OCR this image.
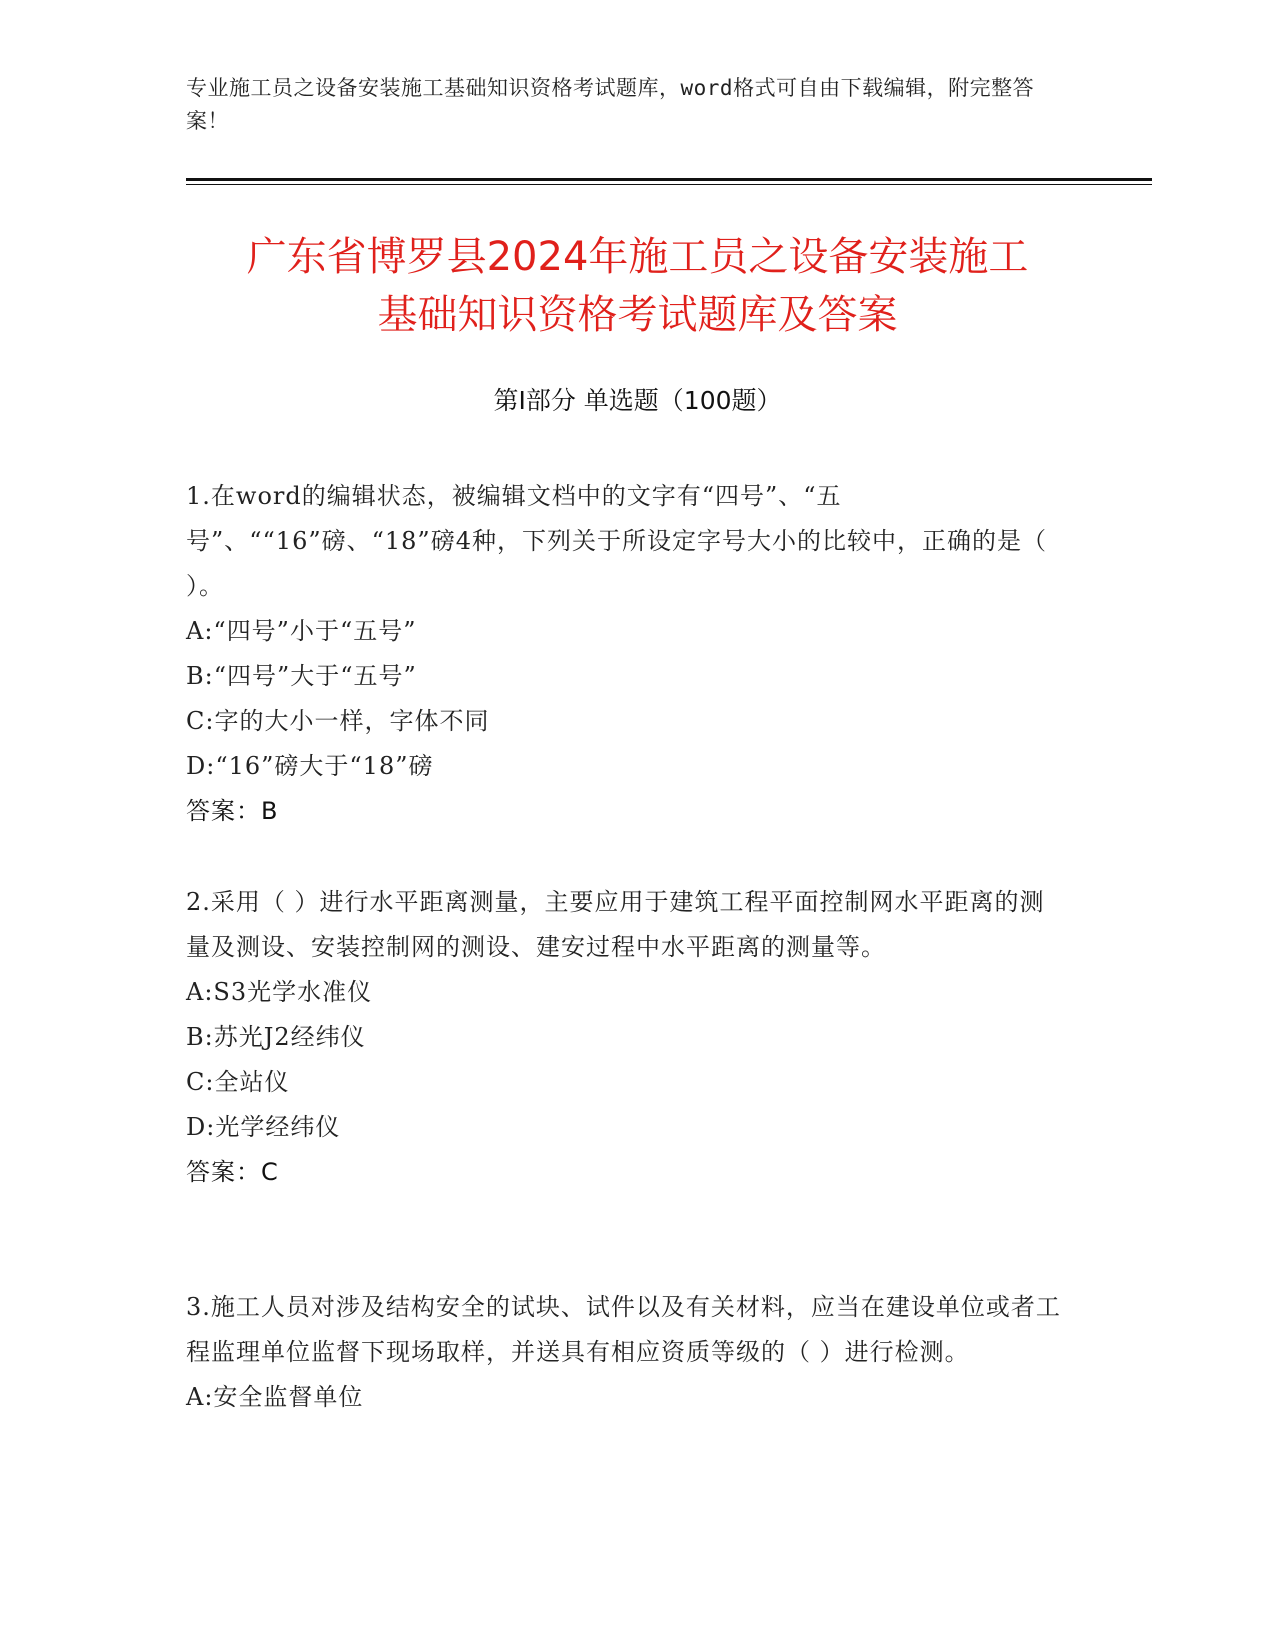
专业施工员之设备安装施工基础知识资格考试题库，word格式可自由下载编辑，附完整答案！
广东省博罗县2024年施工员之设备安装施工
基础知识资格考试题库及答案
第Ⅰ部分 单选题（100题）

1.在word的编辑状态，被编辑文档中的文字有“四号”、“五号”、““16”磅、“18”磅4种，下列关于所设定字号大小的比较中，正确的是（ ）。

A:“四号”小于“五号”

B:“四号”大于“五号”

C:字的大小一样，字体不同

D:“16”磅大于“18”磅

答案：B

2.采用（ ）进行水平距离测量，主要应用于建筑工程平面控制网水平距离的测量及测设、安装控制网的测设、建安过程中水平距离的测量等。

A:S3光学水准仪

B:苏光J2经纬仪

C:全站仪

D:光学经纬仪

答案：C

3.施工人员对涉及结构安全的试块、试件以及有关材料，应当在建设单位或者工程监理单位监督下现场取样，并送具有相应资质等级的（ ）进行检测。

A:安全监督单位
